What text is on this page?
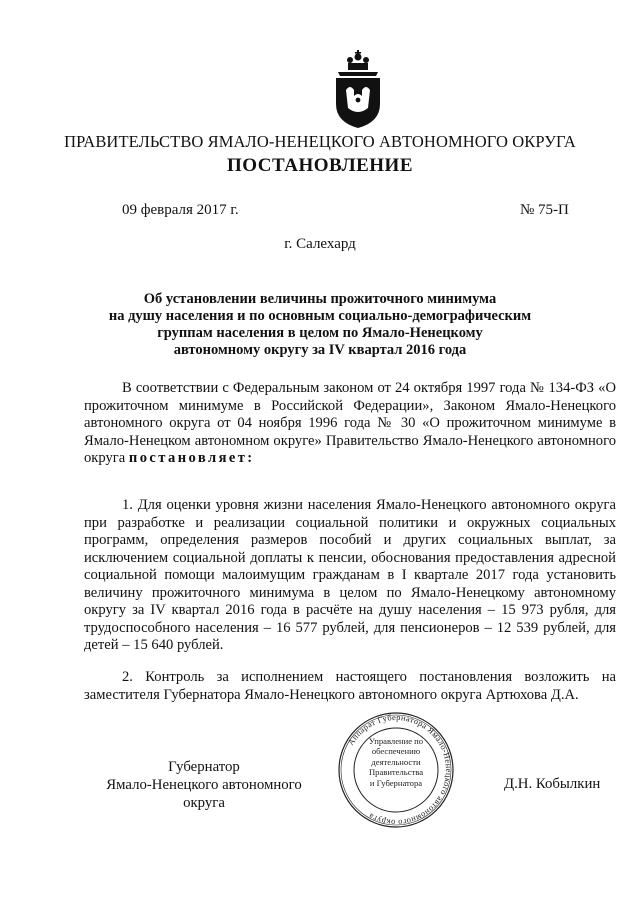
ПРАВИТЕЛЬСТВО ЯМАЛО-НЕНЕЦКОГО АВТОНОМНОГО ОКРУГА
ПОСТАНОВЛЕНИЕ
09 февраля 2017 г.	№ 75-П
г. Салехард
Об установлении величины прожиточного минимума
на душу населения и по основным социально-демографическим
группам населения в целом по Ямало-Ненецкому
автономному округу за IV квартал 2016 года
В соответствии с Федеральным законом от 24 октября 1997 года № 134-ФЗ «О прожиточном минимуме в Российской Федерации», Законом Ямало-Ненецкого автономного округа от 04 ноября 1996 года № 30 «О прожиточном минимуме в Ямало-Ненецком автономном округе» Правительство Ямало-Ненецкого автономного округа постановляет:
1. Для оценки уровня жизни населения Ямало-Ненецкого автономного округа при разработке и реализации социальной политики и окружных социальных программ, определения размеров пособий и других социальных выплат, за исключением социальной доплаты к пенсии, обоснования предоставления адресной социальной помощи малоимущим гражданам в I квартале 2017 года установить величину прожиточного минимума в целом по Ямало-Ненецкому автономному округу за IV квартал 2016 года в расчёте на душу населения – 15 973 рубля, для трудоспособного населения – 16 577 рублей, для пенсионеров – 12 539 рублей, для детей – 15 640 рублей.
2. Контроль за исполнением настоящего постановления возложить на заместителя Губернатора Ямало-Ненецкого автономного округа Артюхова Д.А.
Аппарат Губернатора Ямало-Ненецкого автономного округа
Управление по
обеспечению
деятельности
Правительства
и Губернатора
Губернатор
Ямало-Ненецкого автономного округа
Д.Н. Кобылкин
